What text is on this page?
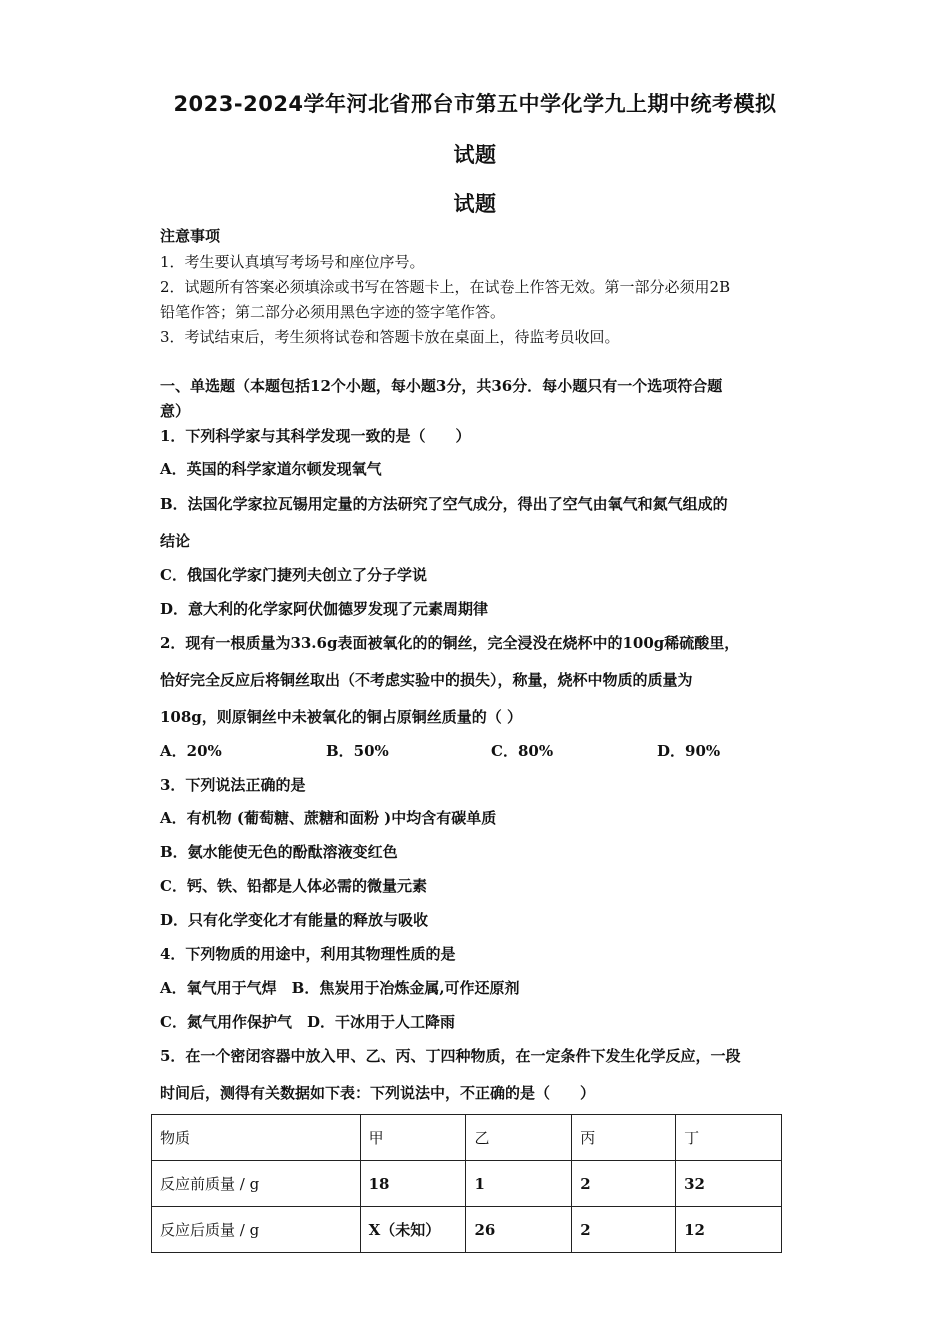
2023-2024学年河北省邢台市第五中学化学九上期中统考模拟
试题
试题
注意事项
1．考生要认真填写考场号和座位序号。
2．试题所有答案必须填涂或书写在答题卡上，在试卷上作答无效。第一部分必须用2B
铅笔作答；第二部分必须用黑色字迹的签字笔作答。
3．考试结束后，考生须将试卷和答题卡放在桌面上，待监考员收回。
一、单选题（本题包括12个小题，每小题3分，共36分．每小题只有一个选项符合题
意）
1．下列科学家与其科学发现一致的是（　　）
A．英国的科学家道尔顿发现氧气
B．法国化学家拉瓦锡用定量的方法研究了空气成分，得出了空气由氧气和氮气组成的
结论
C．俄国化学家门捷列夫创立了分子学说
D．意大利的化学家阿伏伽德罗发现了元素周期律
2．现有一根质量为33.6g表面被氧化的的铜丝，完全浸没在烧杯中的100g稀硫酸里，
恰好完全反应后将铜丝取出（不考虑实验中的损失），称量，烧杯中物质的质量为
108g，则原铜丝中未被氧化的铜占原铜丝质量的（ ）
A．20%	B．50%	C．80%	D．90%
3．下列说法正确的是
A．有机物 (葡萄糖、蔗糖和面粉 )中均含有碳单质
B．氨水能使无色的酚酞溶液变红色
C．钙、铁、铅都是人体必需的微量元素
D．只有化学变化才有能量的释放与吸收
4．下列物质的用途中，利用其物理性质的是
A．氧气用于气焊　B．焦炭用于冶炼金属,可作还原剂
C．氮气用作保护气　D．干冰用于人工降雨
5．在一个密闭容器中放入甲、乙、丙、丁四种物质，在一定条件下发生化学反应，一段
时间后，测得有关数据如下表：下列说法中，不正确的是（　　）
物质	甲	乙	丙	丁
反应前质量 / g	18	1	2	32
反应后质量 / g	X（未知）	26	2	12
